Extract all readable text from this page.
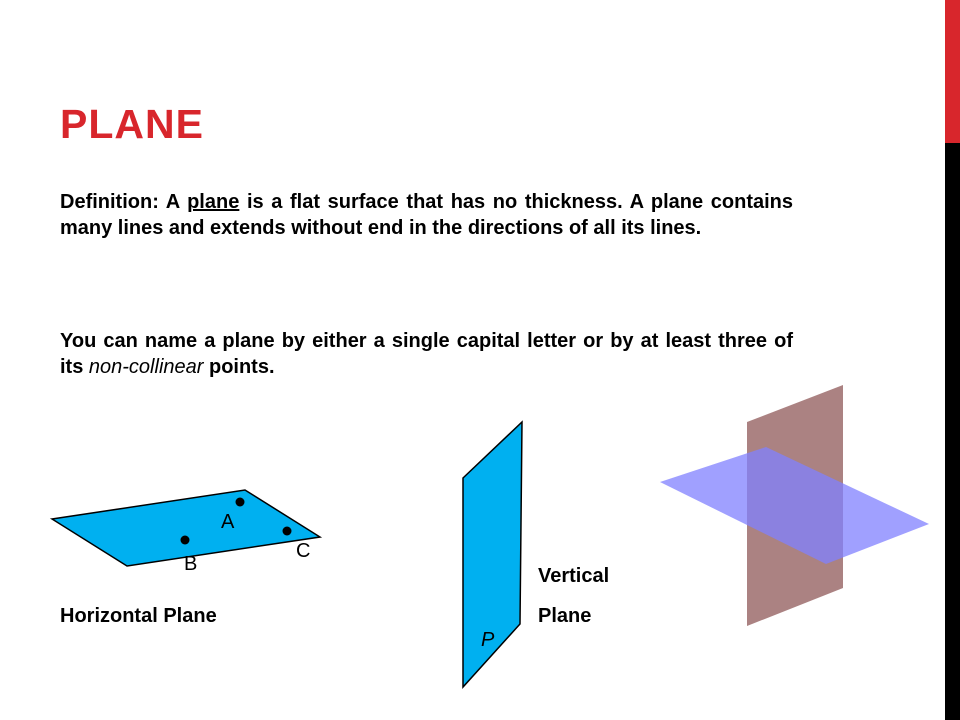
PLANE

Definition: A plane is a flat surface that has no thickness. A plane contains many lines and extends without end in the directions of all its lines.

You can name a plane by either a single capital letter or by at least three of its non-collinear points.

A
B
C
P

Horizontal Plane

Vertical

Plane
